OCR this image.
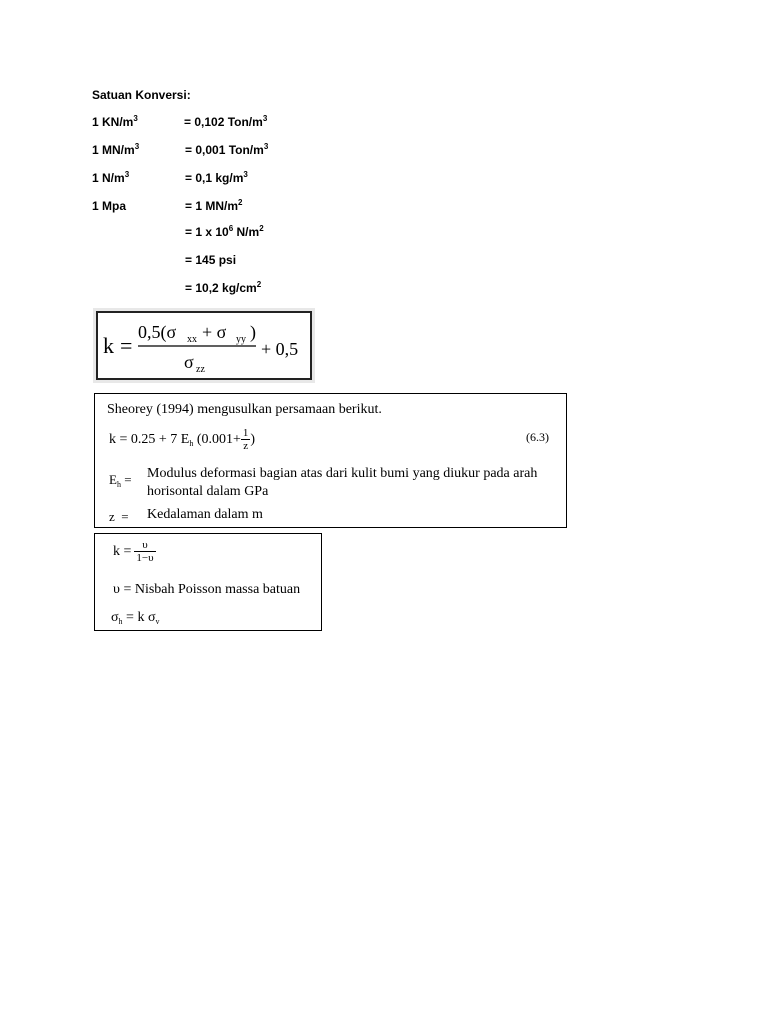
Satuan Konversi:
1 $KN/m^3$	= 0,102 Ton/$m^3$
1 $MN/m^3$	= 0,001 Ton/$m^3$
1 $N/m^3$	= 0,1 $kg/m^3$
1 Mpa	= 1 $MN/m^2$
= 1 x $10^6$ $N/m^2$
= 145 psi
= 10,2 $kg/cm^2$
k =
0,5(σ xx + σ yy )
σ zz
+ 0,5
Sheorey (1994) mengusulkan persamaan berikut.
k = 0.25 + 7 $E_h$ ($0.001+ \frac{1}{z}$ )	(6.3)
$E_h$ = Modulus deformasi bagian atas dari kulit bumi yang diukur pada arah
horisontal dalam GPa
z = Kedalaman dalam m
$k = \frac{\upsilon}{1-\upsilon}$
υ = Nisbah Poisson massa batuan
$\sigma_h = k$ $\sigma_v$
